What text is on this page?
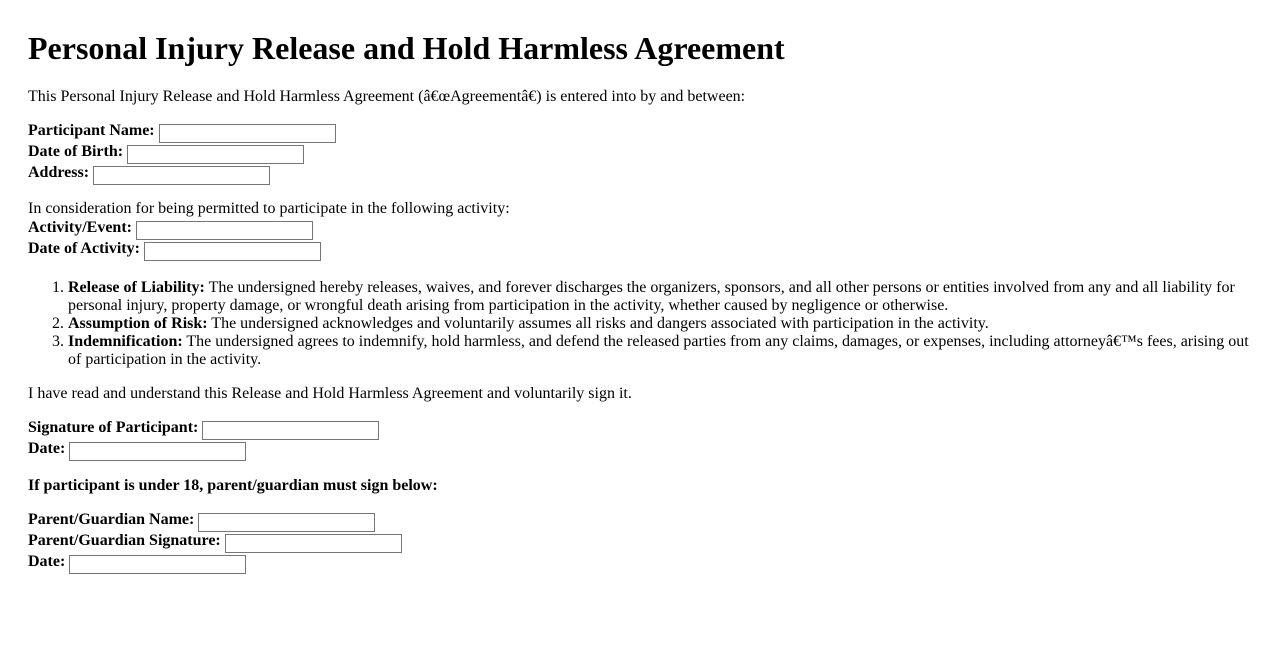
Personal Injury Release and Hold Harmless Agreement

This Personal Injury Release and Hold Harmless Agreement (â€œAgreementâ€) is entered into by and between:

Participant Name:
Date of Birth:
Address:

In consideration for being permitted to participate in the following activity:

Activity/Event:
Date of Activity:
1. Release of Liability: The undersigned hereby releases, waives, and forever discharges the organizers, sponsors, and all other persons or entities involved from any and all liability for personal injury, property damage, or wrongful death arising from participation in the activity, whether caused by negligence or otherwise.
2. Assumption of Risk: The undersigned acknowledges and voluntarily assumes all risks and dangers associated with participation in the activity.
3. Indemnification: The undersigned agrees to indemnify, hold harmless, and defend the released parties from any claims, damages, or expenses, including attorneyâ€™s fees, arising out of participation in the activity.

I have read and understand this Release and Hold Harmless Agreement and voluntarily sign it.

Signature of Participant:
Date:

If participant is under 18, parent/guardian must sign below:

Parent/Guardian Name:
Parent/Guardian Signature:
Date:
